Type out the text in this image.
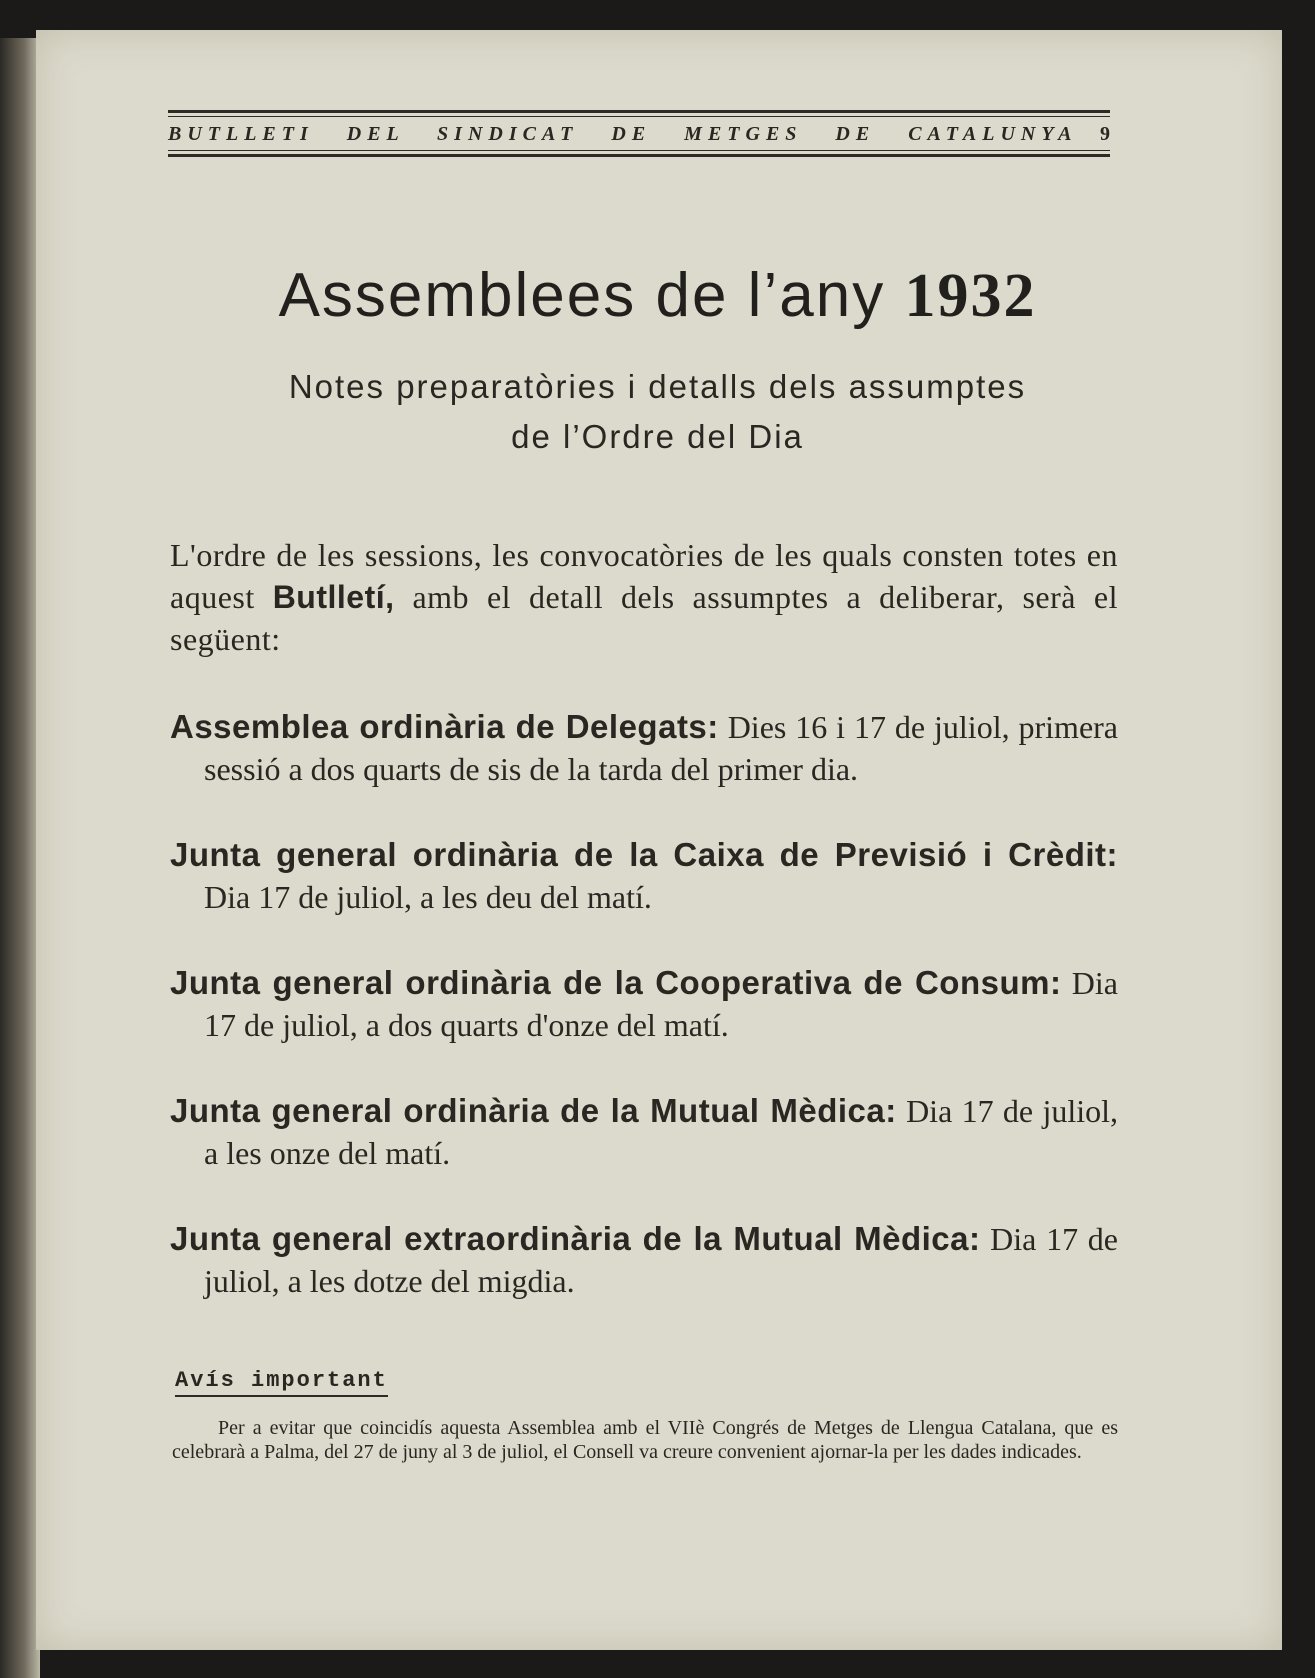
BUTLLETI DEL SINDICAT DE METGES DE CATALUNYA	9
Assemblees de l’any 1932
Notes preparatòries i detalls dels assumptes
de l’Ordre del Dia

L'ordre de les sessions, les convocatòries de les quals consten totes en aquest Butlletí, amb el detall dels assumptes a deliberar, serà el següent:

Assemblea ordinària de Delegats: Dies 16 i 17 de juliol, primera sessió a dos quarts de sis de la tarda del primer dia.

Junta general ordinària de la Caixa de Previsió i Crèdit: Dia 17 de juliol, a les deu del matí.

Junta general ordinària de la Cooperativa de Consum: Dia 17 de juliol, a dos quarts d'onze del matí.

Junta general ordinària de la Mutual Mèdica: Dia 17 de juliol, a les onze del matí.

Junta general extraordinària de la Mutual Mèdica: Dia 17 de juliol, a les dotze del migdia.

Avís important

Per a evitar que coincidís aquesta Assemblea amb el VIIè Congrés de Metges de Llengua Catalana, que es celebrarà a Palma, del 27 de juny al 3 de juliol, el Consell va creure convenient ajornar-la per les dades indicades.
